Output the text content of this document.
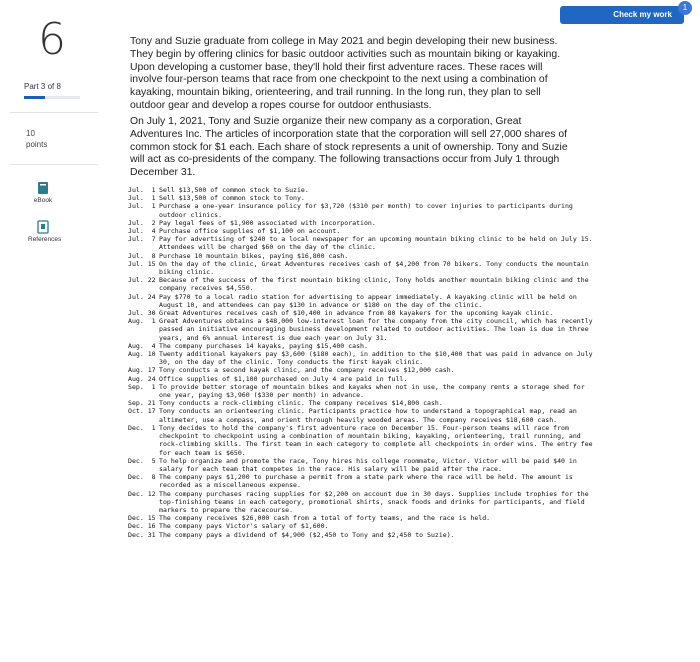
6
Part 3 of 8
10
points
eBook
References
Check my work
1

Tony and Suzie graduate from college in May 2021 and begin developing their new business. They begin by offering clinics for basic outdoor activities such as mountain biking or kayaking. Upon developing a customer base, they'll hold their first adventure races. These races will involve four-person teams that race from one checkpoint to the next using a combination of kayaking, mountain biking, orienteering, and trail running. In the long run, they plan to sell outdoor gear and develop a ropes course for outdoor enthusiasts.

On July 1, 2021, Tony and Suzie organize their new company as a corporation, Great Adventures Inc. The articles of incorporation state that the corporation will sell 27,000 shares of common stock for $1 each. Each share of stock represents a unit of ownership. Tony and Suzie will act as co-presidents of the company. The following transactions occur from July 1 through December 31.

Jul.  1 Sell $13,500 of common stock to Suzie.
Jul.  1 Sell $13,500 of common stock to Tony.
Jul.  1 Purchase a one-year insurance policy for $3,720 ($310 per month) to cover injuries to participants during outdoor clinics.
Jul.  2 Pay legal fees of $1,900 associated with incorporation.
Jul.  4 Purchase office supplies of $1,100 on account.
Jul.  7 Pay for advertising of $240 to a local newspaper for an upcoming mountain biking clinic to be held on July 15. Attendees will be charged $60 on the day of the clinic.
Jul.  8 Purchase 10 mountain bikes, paying $16,800 cash.
Jul. 15 On the day of the clinic, Great Adventures receives cash of $4,200 from 70 bikers. Tony conducts the mountain biking clinic.
Jul. 22 Because of the success of the first mountain biking clinic, Tony holds another mountain biking clinic and the company receives $4,550.
Jul. 24 Pay $770 to a local radio station for advertising to appear immediately. A kayaking clinic will be held on August 10, and attendees can pay $130 in advance or $180 on the day of the clinic.
Jul. 30 Great Adventures receives cash of $10,400 in advance from 80 kayakers for the upcoming kayak clinic.
Aug.  1 Great Adventures obtains a $48,000 low-interest loan for the company from the city council, which has recently passed an initiative encouraging business development related to outdoor activities. The loan is due in three years, and 6% annual interest is due each year on July 31.
Aug.  4 The company purchases 14 kayaks, paying $15,400 cash.
Aug. 10 Twenty additional kayakers pay $3,600 ($180 each), in addition to the $10,400 that was paid in advance on July 30, on the day of the clinic. Tony conducts the first kayak clinic.
Aug. 17 Tony conducts a second kayak clinic, and the company receives $12,000 cash.
Aug. 24 Office supplies of $1,100 purchased on July 4 are paid in full.
Sep.  1 To provide better storage of mountain bikes and kayaks when not in use, the company rents a storage shed for one year, paying $3,960 ($330 per month) in advance.
Sep. 21 Tony conducts a rock-climbing clinic. The company receives $14,800 cash.
Oct. 17 Tony conducts an orienteering clinic. Participants practice how to understand a topographical map, read an altimeter, use a compass, and orient through heavily wooded areas. The company receives $18,600 cash.
Dec.  1 Tony decides to hold the company's first adventure race on December 15. Four-person teams will race from checkpoint to checkpoint using a combination of mountain biking, kayaking, orienteering, trail running, and rock-climbing skills. The first team in each category to complete all checkpoints in order wins. The entry fee for each team is $650.
Dec.  5 To help organize and promote the race, Tony hires his college roommate, Victor. Victor will be paid $40 in salary for each team that competes in the race. His salary will be paid after the race.
Dec.  8 The company pays $1,200 to purchase a permit from a state park where the race will be held. The amount is recorded as a miscellaneous expense.
Dec. 12 The company purchases racing supplies for $2,200 on account due in 30 days. Supplies include trophies for the top-finishing teams in each category, promotional shirts, snack foods and drinks for participants, and field markers to prepare the racecourse.
Dec. 15 The company receives $26,000 cash from a total of forty teams, and the race is held.
Dec. 16 The company pays Victor's salary of $1,600.
Dec. 31 The company pays a dividend of $4,900 ($2,450 to Tony and $2,450 to Suzie).
